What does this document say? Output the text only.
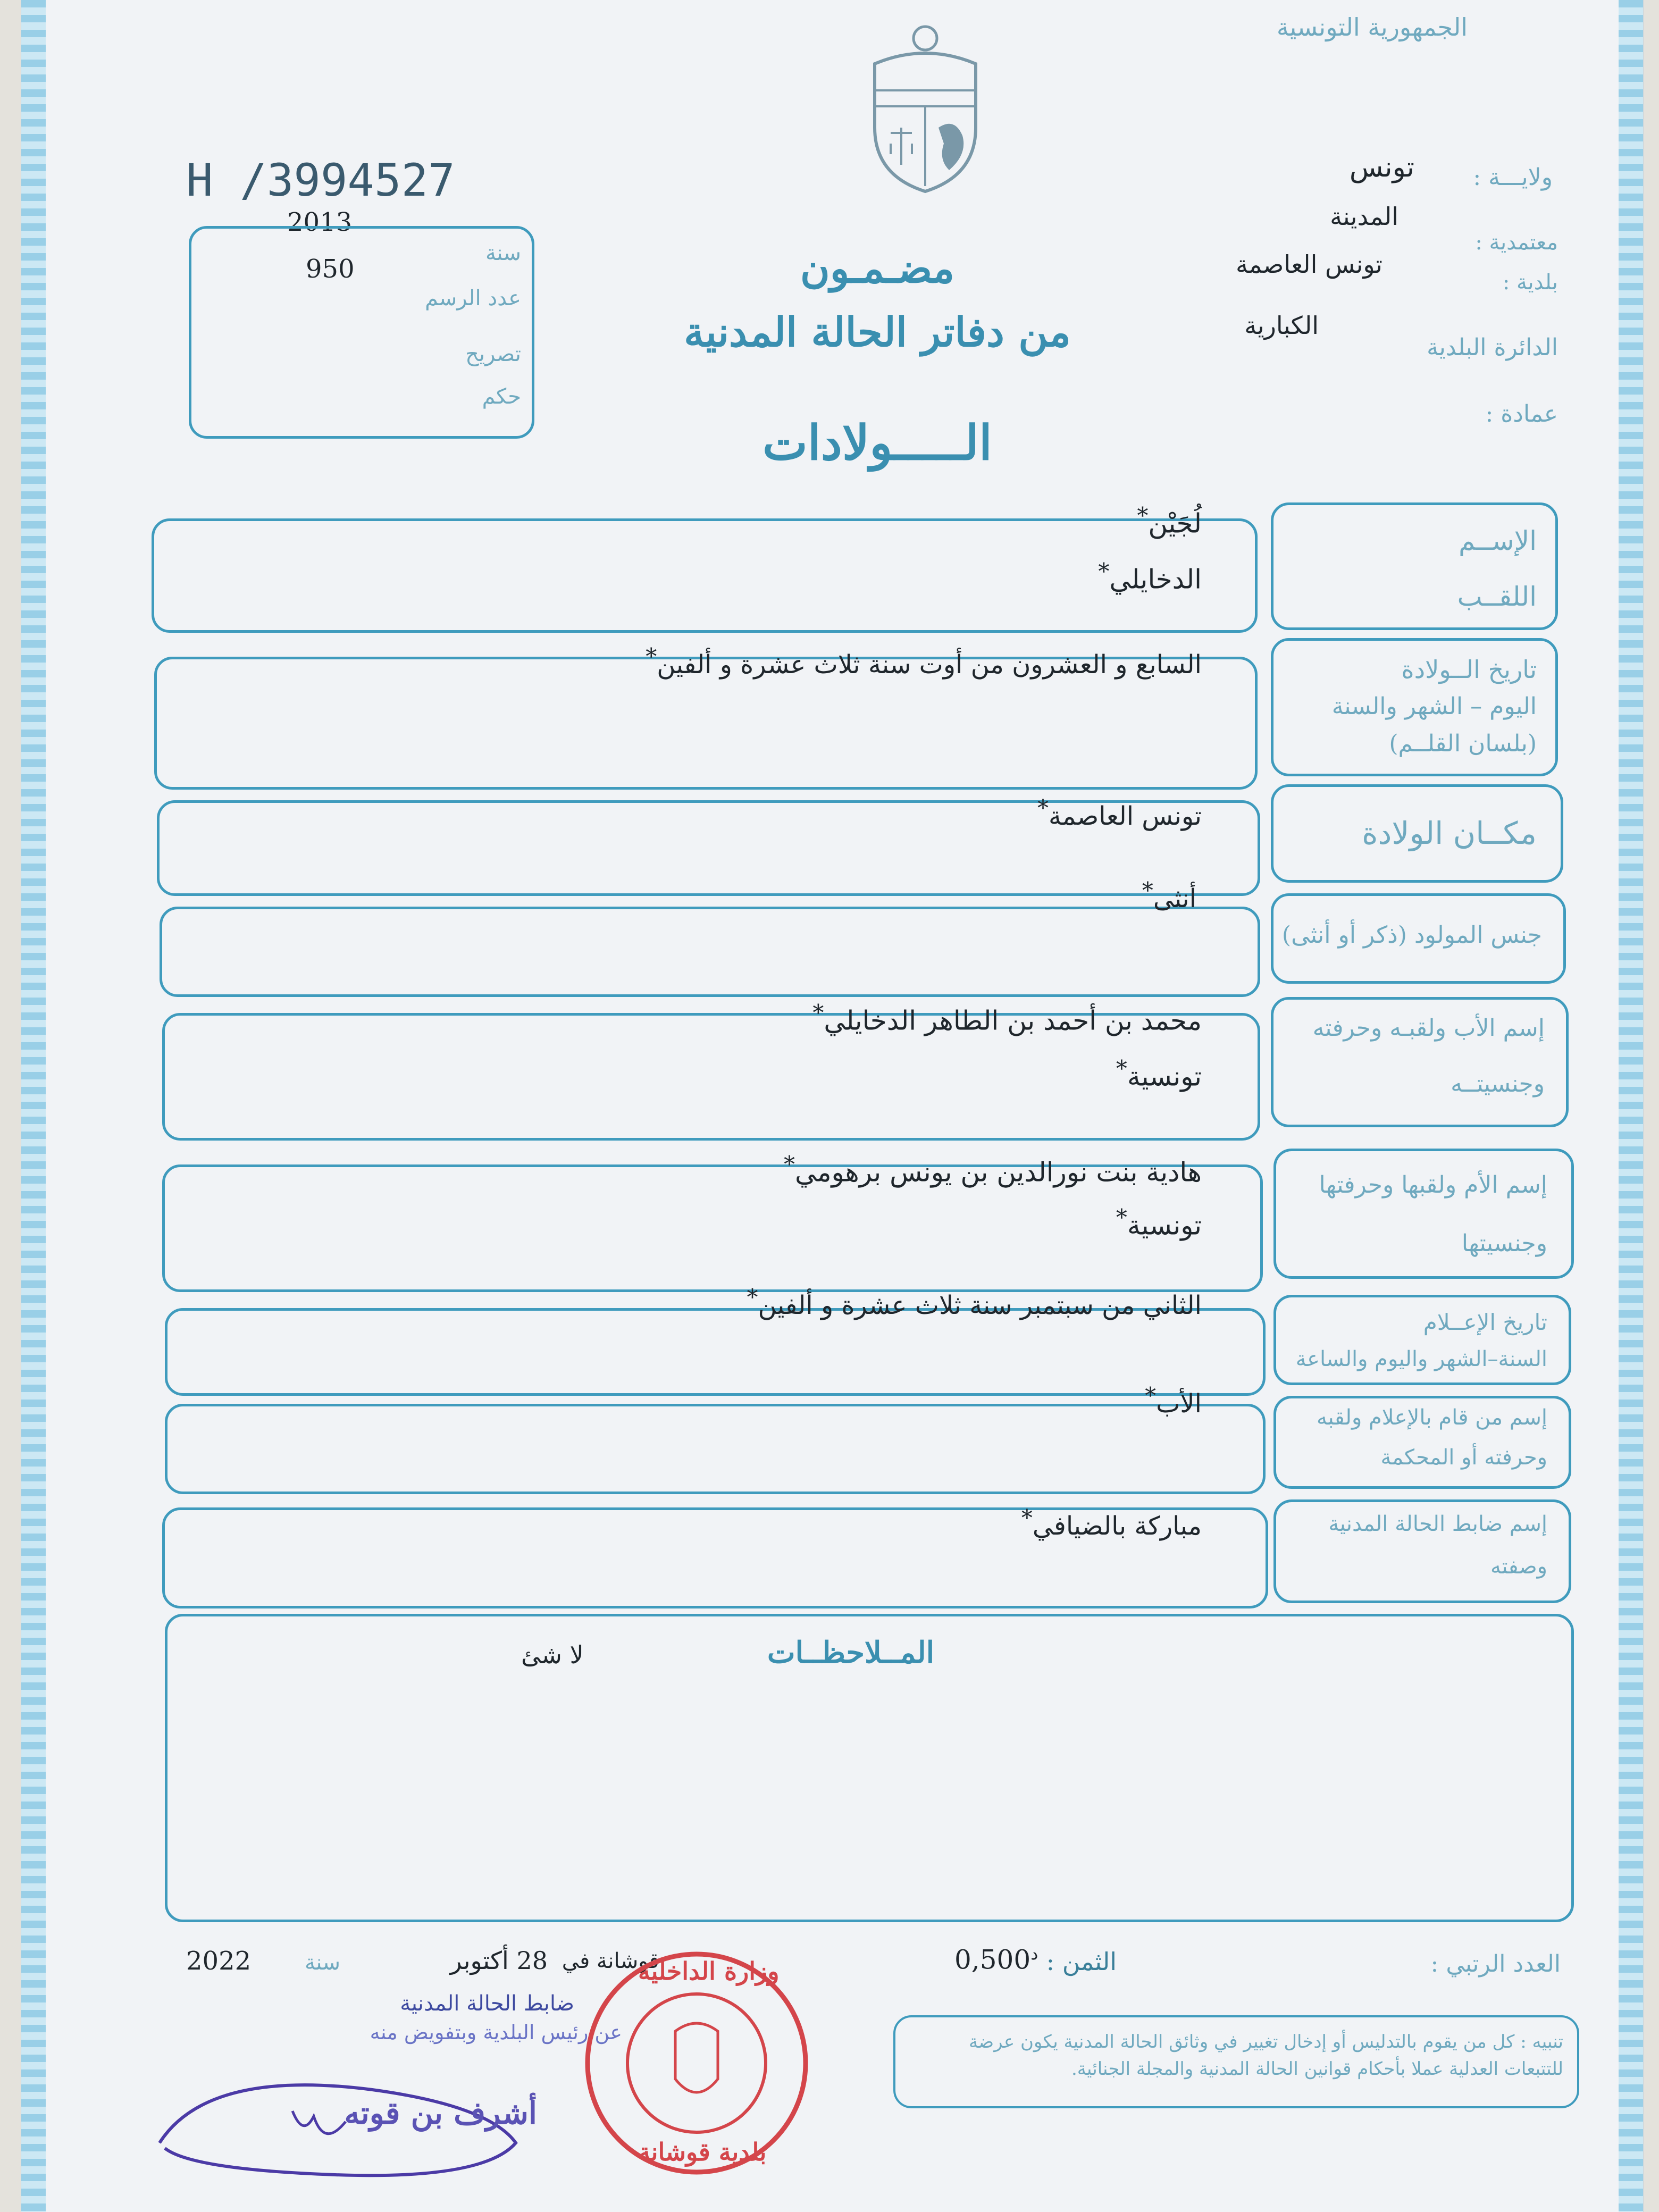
الجمهورية التونسية
H /3994527
2013
سنة
950
عدد الرسم
تصريح
حكم
مضـمـون
من دفاتر الحالة المدنية
الـــــولادات
ولايـــة :
تونس
معتمدية :
المدينة
بلدية :
تونس العاصمة
الدائرة البلدية
الكبارية
عمادة :
الإســم
اللقــب
لُجَيْن*
الدخايلي*
تاريخ الــولادة
اليوم – الشهر والسنة
(بلسان القلــم)
السابع و العشرون من أوت سنة ثلاث عشرة و ألفين*
مكــان الولادة
تونس العاصمة*
جنس المولود (ذكر أو أنثى)
أنثى*
إسم الأب ولقبـه وحرفته
وجنسيتــه
محمد بن أحمد بن الطاهر الدخايلي*
تونسية*
إسم الأم ولقبها وحرفتها
وجنسيتها
هادية بنت نورالدين بن يونس برهومي*
تونسية*
تاريخ الإعــلام
السنة–الشهر واليوم والساعة
الثاني من سبتمبر سنة ثلاث عشرة و ألفين*
إسم من قام بالإعلام ولقبه
وحرفته أو المحكمة
الأب*
إسم ضابط الحالة المدنية
وصفته
مباركة بالضيافي*
المــلاحظــات
لا شئ
العدد الرتبي :
الثمن :
$0,500^د$
قوشانة في
28 أكتوبر
سنة
2022
ضابط الحالة المدنية
عن رئيس البلدية وبتفويض منه
أشرف بن قوته
وزارة الداخلية
بلدية قوشانة
تنبيه : كل من يقوم بالتدليس أو إدخال تغيير في وثائق الحالة المدنية يكون عرضة للتتبعات العدلية عملا بأحكام قوانين الحالة المدنية والمجلة الجنائية.
